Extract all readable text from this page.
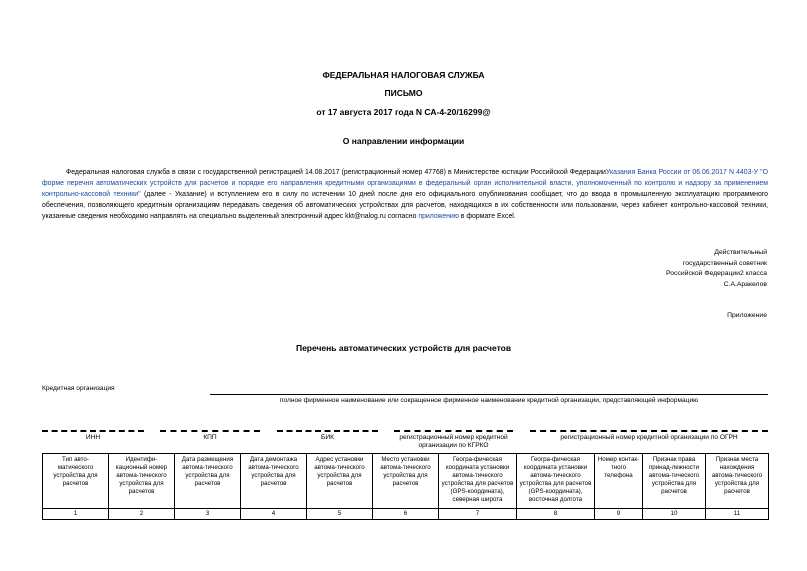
ФЕДЕРАЛЬНАЯ НАЛОГОВАЯ СЛУЖБА
ПИСЬМО
от 17 августа 2017 года N СА-4-20/16299@
О направлении информации
Федеральная налоговая служба в связи с государственной регистрацией 14.08.2017 (регистрационный номер 47768) в Министерстве юстиции Российской ФедерацииУказания Банка России от 06.06.2017 N 4403-У "О форме перечня автоматических устройств для расчетов и порядке его направления кредитными организациями в федеральный орган исполнительной власти, уполномоченный по контролю и надзору за применением контрольно-кассовой техники" (далее - Указание) и вступлением его в силу по истечении 10 дней после дня его официального опубликования сообщает, что до ввода в промышленную эксплуатацию программного обеспечения, позволяющего кредитным организациям передавать сведения об автоматических устройствах для расчетов, находящихся в их собственности или пользовании, через кабинет контрольно-кассовой техники, указанные сведения необходимо направлять на специально выделенный электронный адрес kkt@nalog.ru согласно приложению в формате Excel.
Действительный
государственный советник
Российской Федерации2 класса
С.А.Аракелов
Приложение
Перечень автоматических устройств для расчетов
Кредитная организация
полное фирменное наименование или сокращенное фирменное наименование кредитной организации, представляющей информацию
ИНН	КПП	БИК	регистрационный номер кредитной организации по КГРКО
регистрационный номер кредитной организации по ОГРН
Тип авто-матического устройства для расчетов	Идентифи-кационный номер автома-тического устройства для расчетов	Дата размещения автома-тического устройства для расчетов	Дата демонтажа автома-тического устройства для расчетов	Адрес установки автома-тического устройства для расчетов	Место установки автома-тического устройства для расчетов	Геогра-фическая координата установки автома-тического устройства для расчетов (GPS-координата), северная широта	Геогра-фическая координата установки автома-тического устройства для расчетов (GPS-координата), восточная долгота	Номер контак-тного телефона	Признак права принад-лежности автома-тического устройства для расчетов	Признак места нахождения автома-тического устройства для расчетов
1	2	3	4	5	6	7	8	9	10	11
